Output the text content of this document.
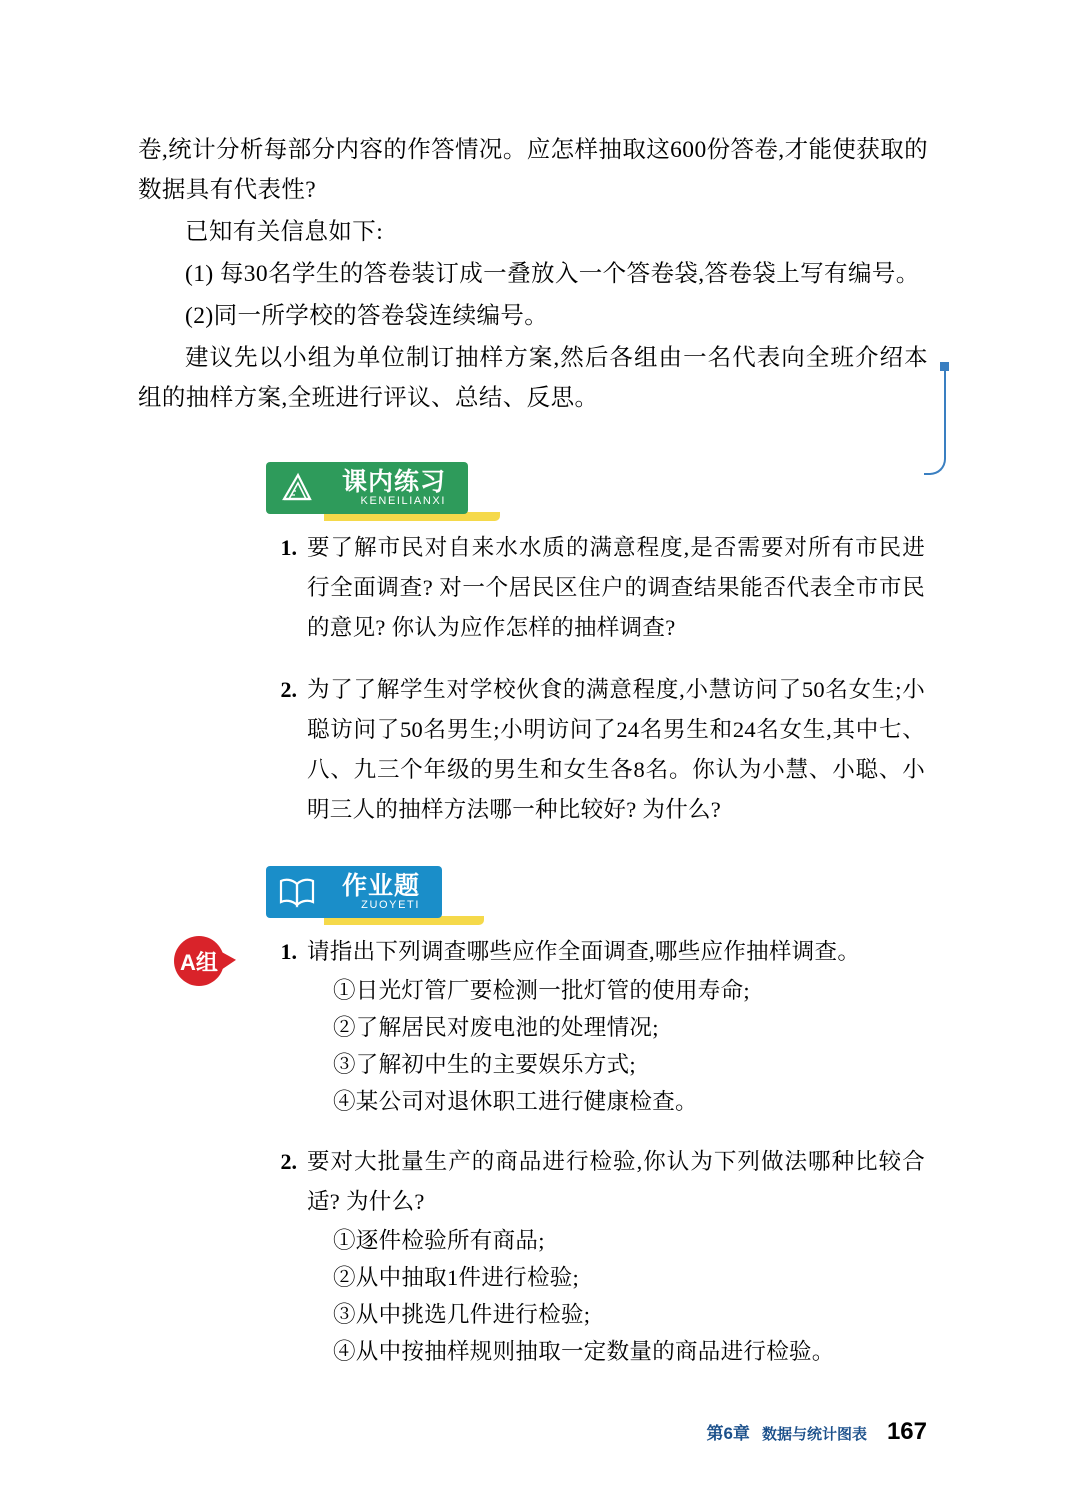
卷,统计分析每部分内容的作答情况。应怎样抽取这600份答卷,才能使获取的数据具有代表性?

已知有关信息如下:

(1) 每30名学生的答卷装订成一叠放入一个答卷袋,答卷袋上写有编号。

(2)同一所学校的答卷袋连续编号。

建议先以小组为单位制订抽样方案,然后各组由一名代表向全班介绍本组的抽样方案,全班进行评议、总结、反思。

课内练习
KENEILIANXI
1. 要了解市民对自来水水质的满意程度,是否需要对所有市民进行全面调查? 对一个居民区住户的调查结果能否代表全市市民的意见? 你认为应作怎样的抽样调查?
2. 为了了解学生对学校伙食的满意程度,小慧访问了50名女生;小聪访问了50名男生;小明访问了24名男生和24名女生,其中七、八、九三个年级的男生和女生各8名。你认为小慧、小聪、小明三人的抽样方法哪一种比较好? 为什么?
作业题
ZUOYETI
A组	1. 请指出下列调查哪些应作全面调查,哪些应作抽样调查。
①日光灯管厂要检测一批灯管的使用寿命;
②了解居民对废电池的处理情况;
③了解初中生的主要娱乐方式;
④某公司对退休职工进行健康检查。
2. 要对大批量生产的商品进行检验,你认为下列做法哪种比较合适? 为什么?
①逐件检验所有商品;
②从中抽取1件进行检验;
③从中挑选几件进行检验;
④从中按抽样规则抽取一定数量的商品进行检验。
第6章 数据与统计图表 167
